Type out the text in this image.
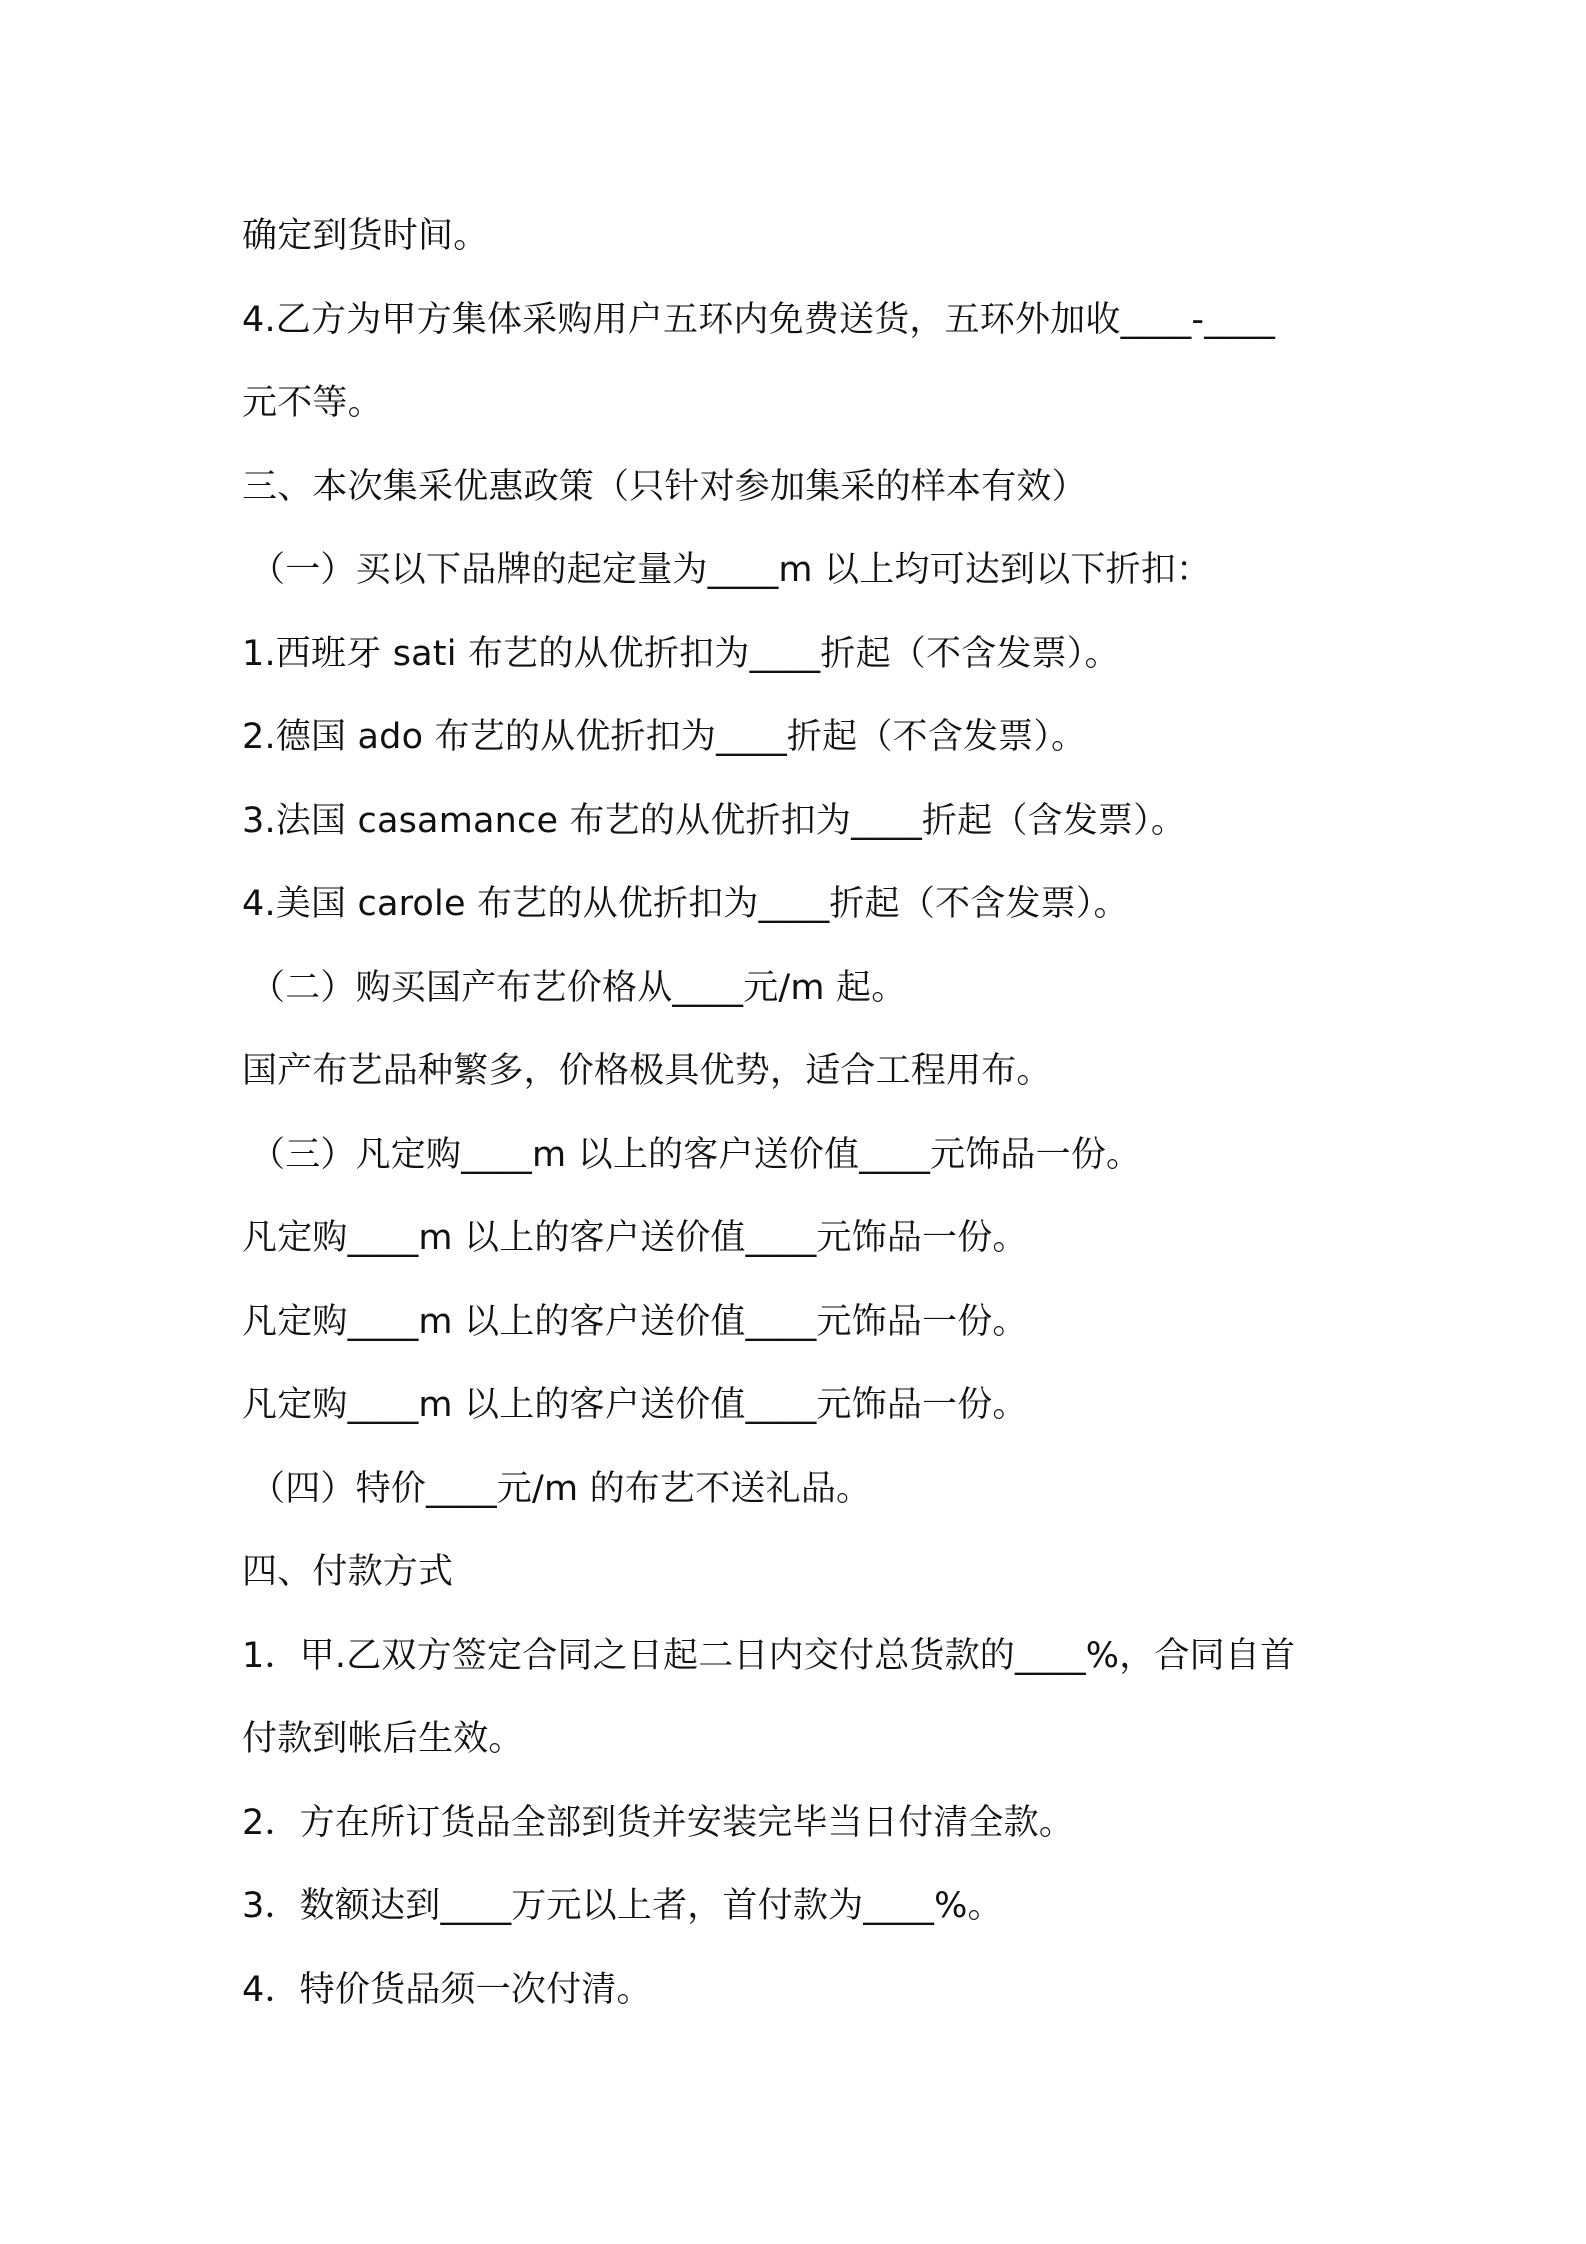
确定到货时间。
4.乙方为甲方集体采购用户五环内免费送货，五环外加收____-____
元不等。
三、本次集采优惠政策（只针对参加集采的样本有效）
（一）买以下品牌的起定量为____m 以上均可达到以下折扣：
1.西班牙 sati 布艺的从优折扣为____折起（不含发票）。
2.德国 ado 布艺的从优折扣为____折起（不含发票）。
3.法国 casamance 布艺的从优折扣为____折起（含发票）。
4.美国 carole 布艺的从优折扣为____折起（不含发票）。
（二）购买国产布艺价格从____元/m 起。
国产布艺品种繁多，价格极具优势，适合工程用布。
（三）凡定购____m 以上的客户送价值____元饰品一份。
凡定购____m 以上的客户送价值____元饰品一份。
凡定购____m 以上的客户送价值____元饰品一份。
凡定购____m 以上的客户送价值____元饰品一份。
（四）特价____元/m 的布艺不送礼品。
四、付款方式
1．甲.乙双方签定合同之日起二日内交付总货款的____%，合同自首
付款到帐后生效。
2．方在所订货品全部到货并安装完毕当日付清全款。
3．数额达到____万元以上者，首付款为____%。
4．特价货品须一次付清。
